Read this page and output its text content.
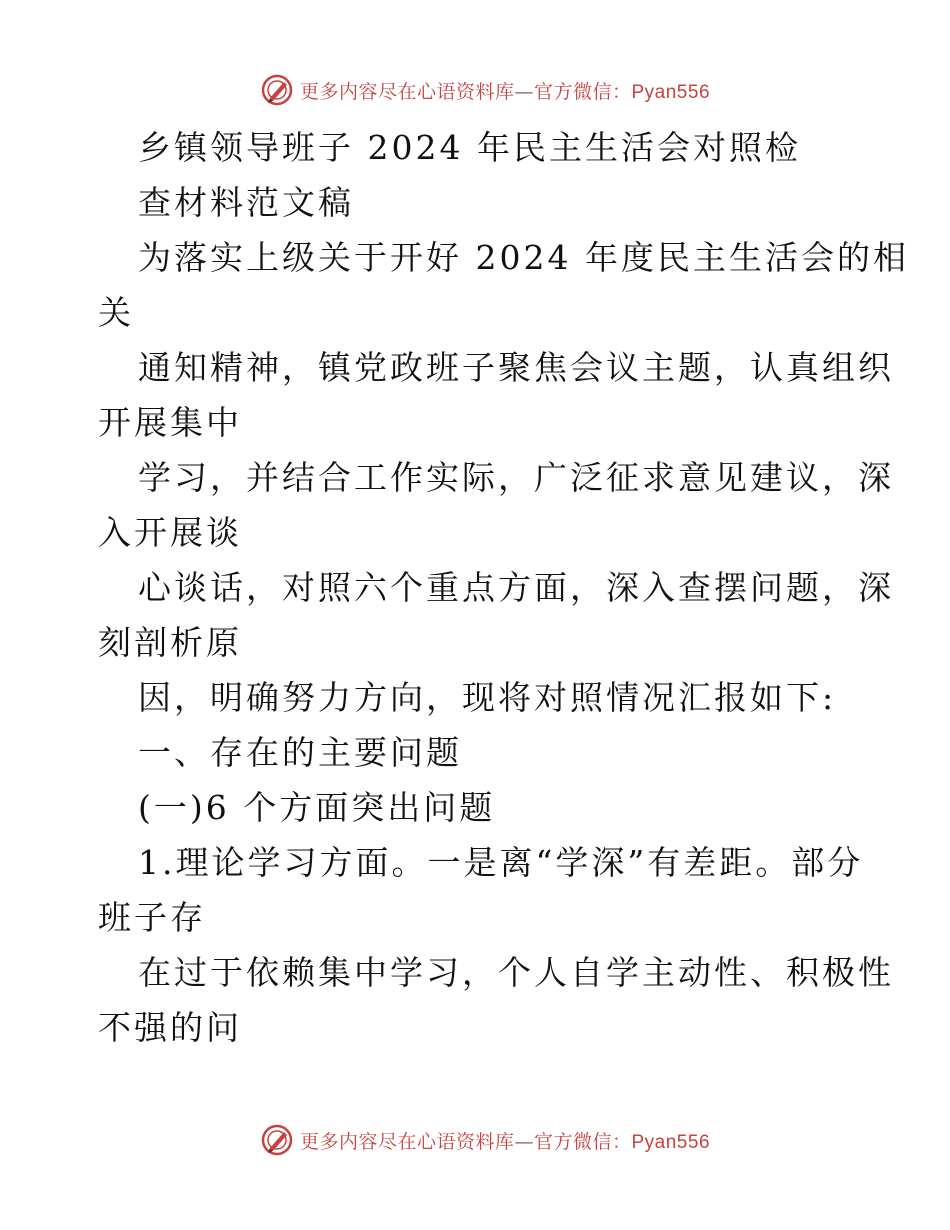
更多内容尽在心语资料库—官方微信：Pyan556
乡镇领导班子 2024 年民主生活会对照检
查材料范文稿
为落实上级关于开好 2024 年度民主生活会的相
关
通知精神，镇党政班子聚焦会议主题，认真组织
开展集中
学习，并结合工作实际，广泛征求意见建议，深
入开展谈
心谈话，对照六个重点方面，深入查摆问题，深
刻剖析原
因，明确努力方向，现将对照情况汇报如下:
一、存在的主要问题
(一)6 个方面突出问题
1.理论学习方面。一是离“学深”有差距。部分
班子存
在过于依赖集中学习，个人自学主动性、积极性
不强的问
更多内容尽在心语资料库—官方微信：Pyan556
